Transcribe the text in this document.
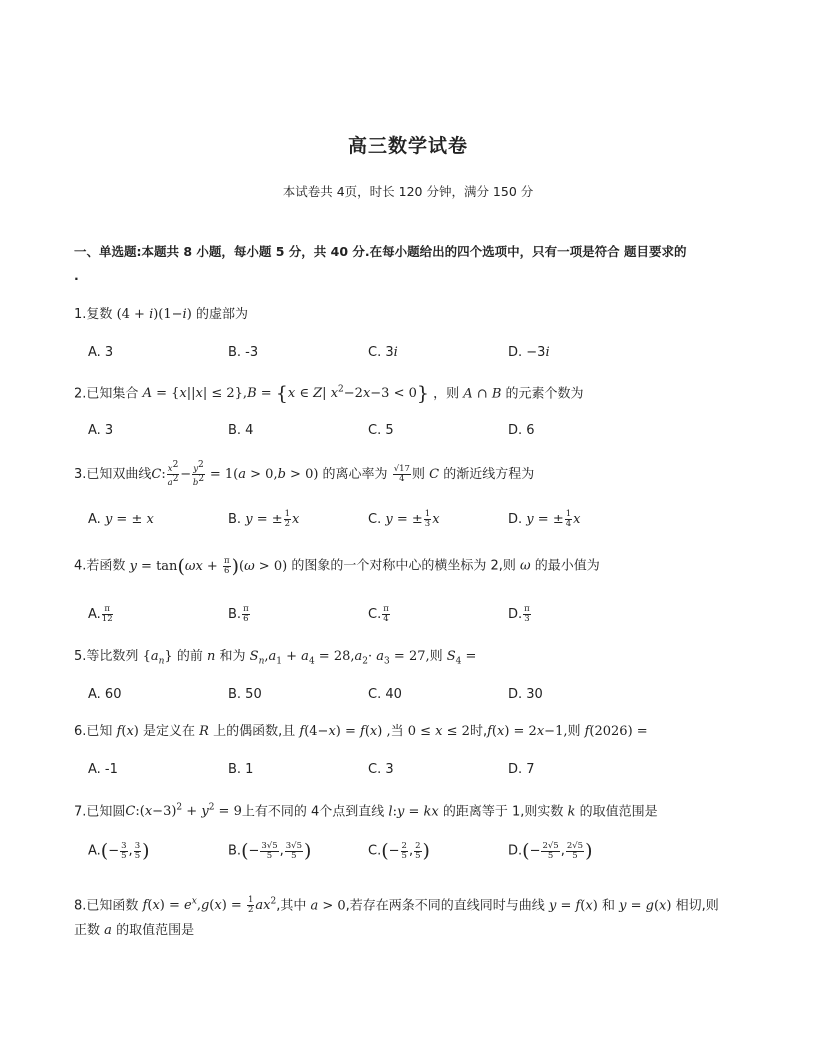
高三数学试卷
本试卷共 4页，时长 120 分钟，满分 150 分
一、单选题:本题共 8 小题，每小题 5 分，共 40 分.在每小题给出的四个选项中，只有一项是符合 题目要求的
.
1.复数 (4 + i)(1−i) 的虚部为
A. 3	B. -3	C. 3i	D. −3i
2.已知集合 A = {x||x| ≤ 2},B = {x ∈ Z| $x^2-2x-3 < 0$} ，则 A ∩ B 的元素个数为
A. 3	B. 4	C. 5	D. 6
3.已知双曲线C: $\frac{x^2}{a^2} - \frac{y^2}{b^2} = 1(a > 0,b > 0)$ 的离心率为 $\frac{√17}{4}$ 则 C 的渐近线方程为
A. y = ± x	B. y = ± $\frac{1}{2}$ x	C. y = ± $\frac{1}{3}$ x	D. y = ± $\frac{1}{4}$ x
4.若函数 $y = \tan(\omega x + \frac{\pi}{6} )(\omega > 0)$ 的图象的一个对称中心的横坐标为 2,则 ω 的最小值为
A. $\frac{\pi}{12}$	B. $\frac{\pi}{6}$	C. $\frac{\pi}{4}$	D. $\frac{\pi}{3}$
5.等比数列 $\{a_n\}$ 的前 n 和为 $S_n,a_1 + a_4 = 28,a_2\cdot a_3 = 27$,则 $S_4$ =
A. 60	B. 50	C. 40	D. 30
6.已知 f(x) 是定义在 R 上的偶函数,且 f(4−x) = f(x) ,当 0 ≤ x ≤ 2时,f(x) = 2x−1,则 f(2026) =
A. -1	B. 1	C. 3	D. 7
7.已知圆$C:(x-3)^2 + y^2 = 9$上有不同的 4个点到直线 l:y = kx 的距离等于 1,则实数 k 的取值范围是
$A.(- \frac{3}{5}$ , $\frac{3}{5}$ )	$B.(- \frac{3√5}{5}$ , $\frac{3√5}{5}$ )	$C.(- \frac{2}{5}$ , $\frac{2}{5}$ )	$D.(- \frac{2√5}{5}$ , $\frac{2√5}{5}$ )
8.已知函数 $f(x) = e^x,g(x) = \frac{1}{2} ax^2$,其中 a > 0,若存在两条不同的直线同时与曲线 y = f(x) 和 y = g(x) 相切,则
正数 a 的取值范围是
